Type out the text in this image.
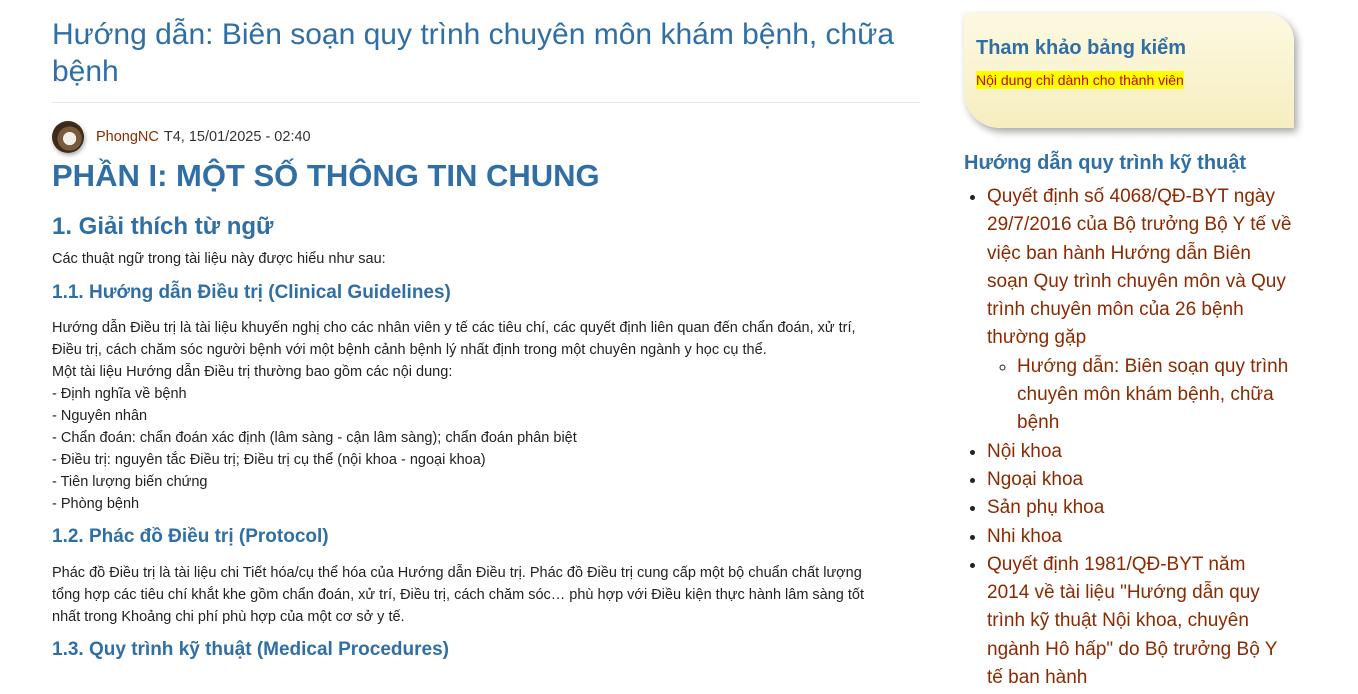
Hướng dẫn: Biên soạn quy trình chuyên môn khám bệnh, chữa bệnh
PhongNC T4, 15/01/2025 - 02:40
PHẦN I: MỘT SỐ THÔNG TIN CHUNG
1. Giải thích từ ngữ

Các thuật ngữ trong tài liệu này được hiểu như sau:

1.1. Hướng dẫn Điều trị (Clinical Guidelines)

Hướng dẫn Điều trị là tài liệu khuyến nghị cho các nhân viên y tế các tiêu chí, các quyết định liên quan đến chẩn đoán, xử trí,
Điều trị, cách chăm sóc người bệnh với một bệnh cảnh bệnh lý nhất định trong một chuyên ngành y học cụ thể.
Một tài liệu Hướng dẫn Điều trị thường bao gồm các nội dung:
- Định nghĩa về bệnh
- Nguyên nhân
- Chẩn đoán: chẩn đoán xác định (lâm sàng - cận lâm sàng); chẩn đoán phân biệt
- Điều trị: nguyên tắc Điều trị; Điều trị cụ thể (nội khoa - ngoại khoa)
- Tiên lượng biến chứng
- Phòng bệnh

1.2. Phác đồ Điều trị (Protocol)

Phác đồ Điều trị là tài liệu chi Tiết hóa/cụ thể hóa của Hướng dẫn Điều trị. Phác đồ Điều trị cung cấp một bộ chuẩn chất lượng
tổng hợp các tiêu chí khắt khe gồm chẩn đoán, xử trí, Điều trị, cách chăm sóc… phù hợp với Điều kiện thực hành lâm sàng tốt
nhất trong Khoảng chi phí phù hợp của một cơ sở y tế.

1.3. Quy trình kỹ thuật (Medical Procedures)
Tham khảo bảng kiểm
Nội dung chỉ dành cho thành viên
Hướng dẫn quy trình kỹ thuật
• Quyết định số 4068/QĐ-BYT ngày 29/7/2016 của Bộ trưởng Bộ Y tế về việc ban hành Hướng dẫn Biên soạn Quy trình chuyên môn và Quy trình chuyên môn của 26 bệnh thường gặp
◦ Hướng dẫn: Biên soạn quy trình chuyên môn khám bệnh, chữa bệnh
• Nội khoa
• Ngoại khoa
• Sản phụ khoa
• Nhi khoa
• Quyết định 1981/QĐ-BYT năm 2014 về tài liệu "Hướng dẫn quy trình kỹ thuật Nội khoa, chuyên ngành Hô hấp" do Bộ trưởng Bộ Y tế ban hành
